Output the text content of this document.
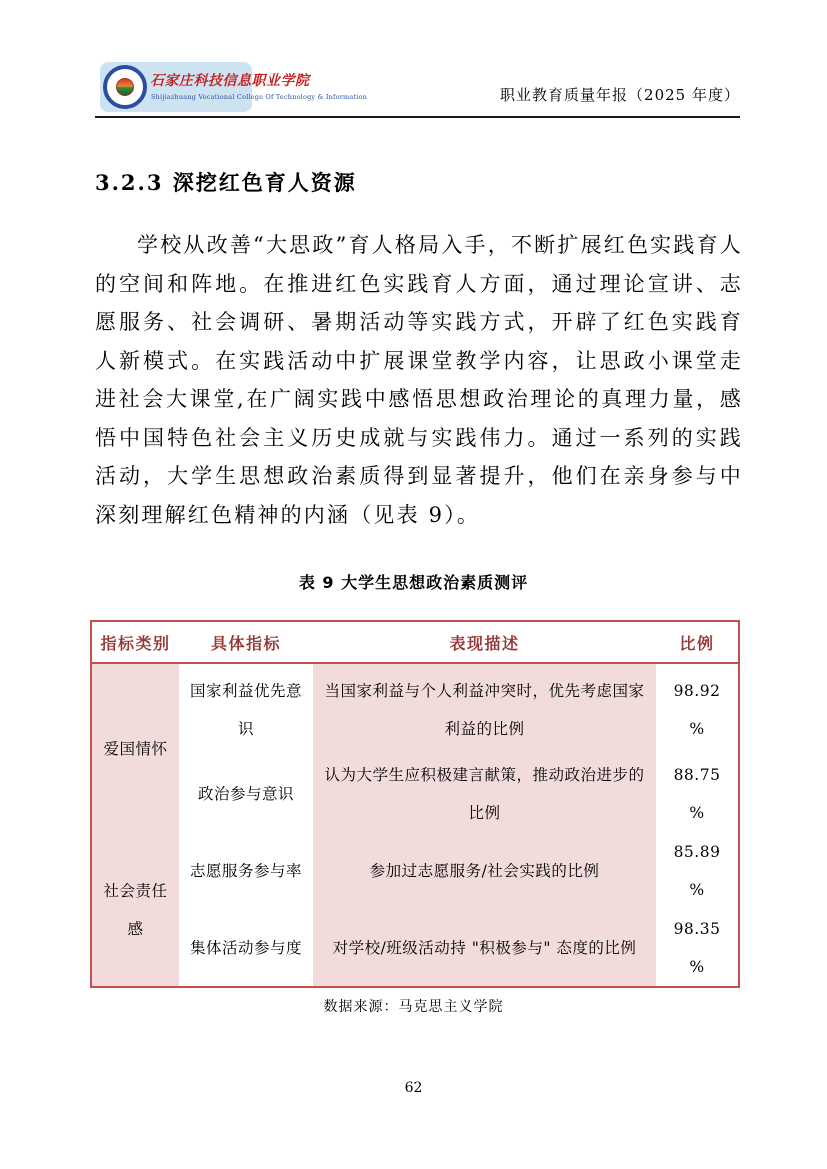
石家庄科技信息职业学院
Shijiazhuang Vocational College Of Technology & Information	职业教育质量年报（2025 年度）
3.2.3 深挖红色育人资源
学校从改善“大思政”育人格局入手，不断扩展红色实践育人的空间和阵地。在推进红色实践育人方面，通过理论宣讲、志愿服务、社会调研、暑期活动等实践方式，开辟了红色实践育人新模式。在实践活动中扩展课堂教学内容，让思政小课堂走进社会大课堂,在广阔实践中感悟思想政治理论的真理力量，感悟中国特色社会主义历史成就与实践伟力。通过一系列的实践活动，大学生思想政治素质得到显著提升，他们在亲身参与中深刻理解红色精神的内涵（见表 9）。
表 9 大学生思想政治素质测评
指标类别	具体指标	表现描述	比例
爱国情怀	国家利益优先意识	当国家利益与个人利益冲突时，优先考虑国家利益的比例	98.92
%

	政治参与意识	认为大学生应积极建言献策，推动政治进步的比例	88.75
%

社会责任感	志愿服务参与率	参加过志愿服务/社会实践的比例	85.89
%

	集体活动参与度	对学校/班级活动持 "积极参与" 态度的比例	98.35
%
数据来源：马克思主义学院
62
